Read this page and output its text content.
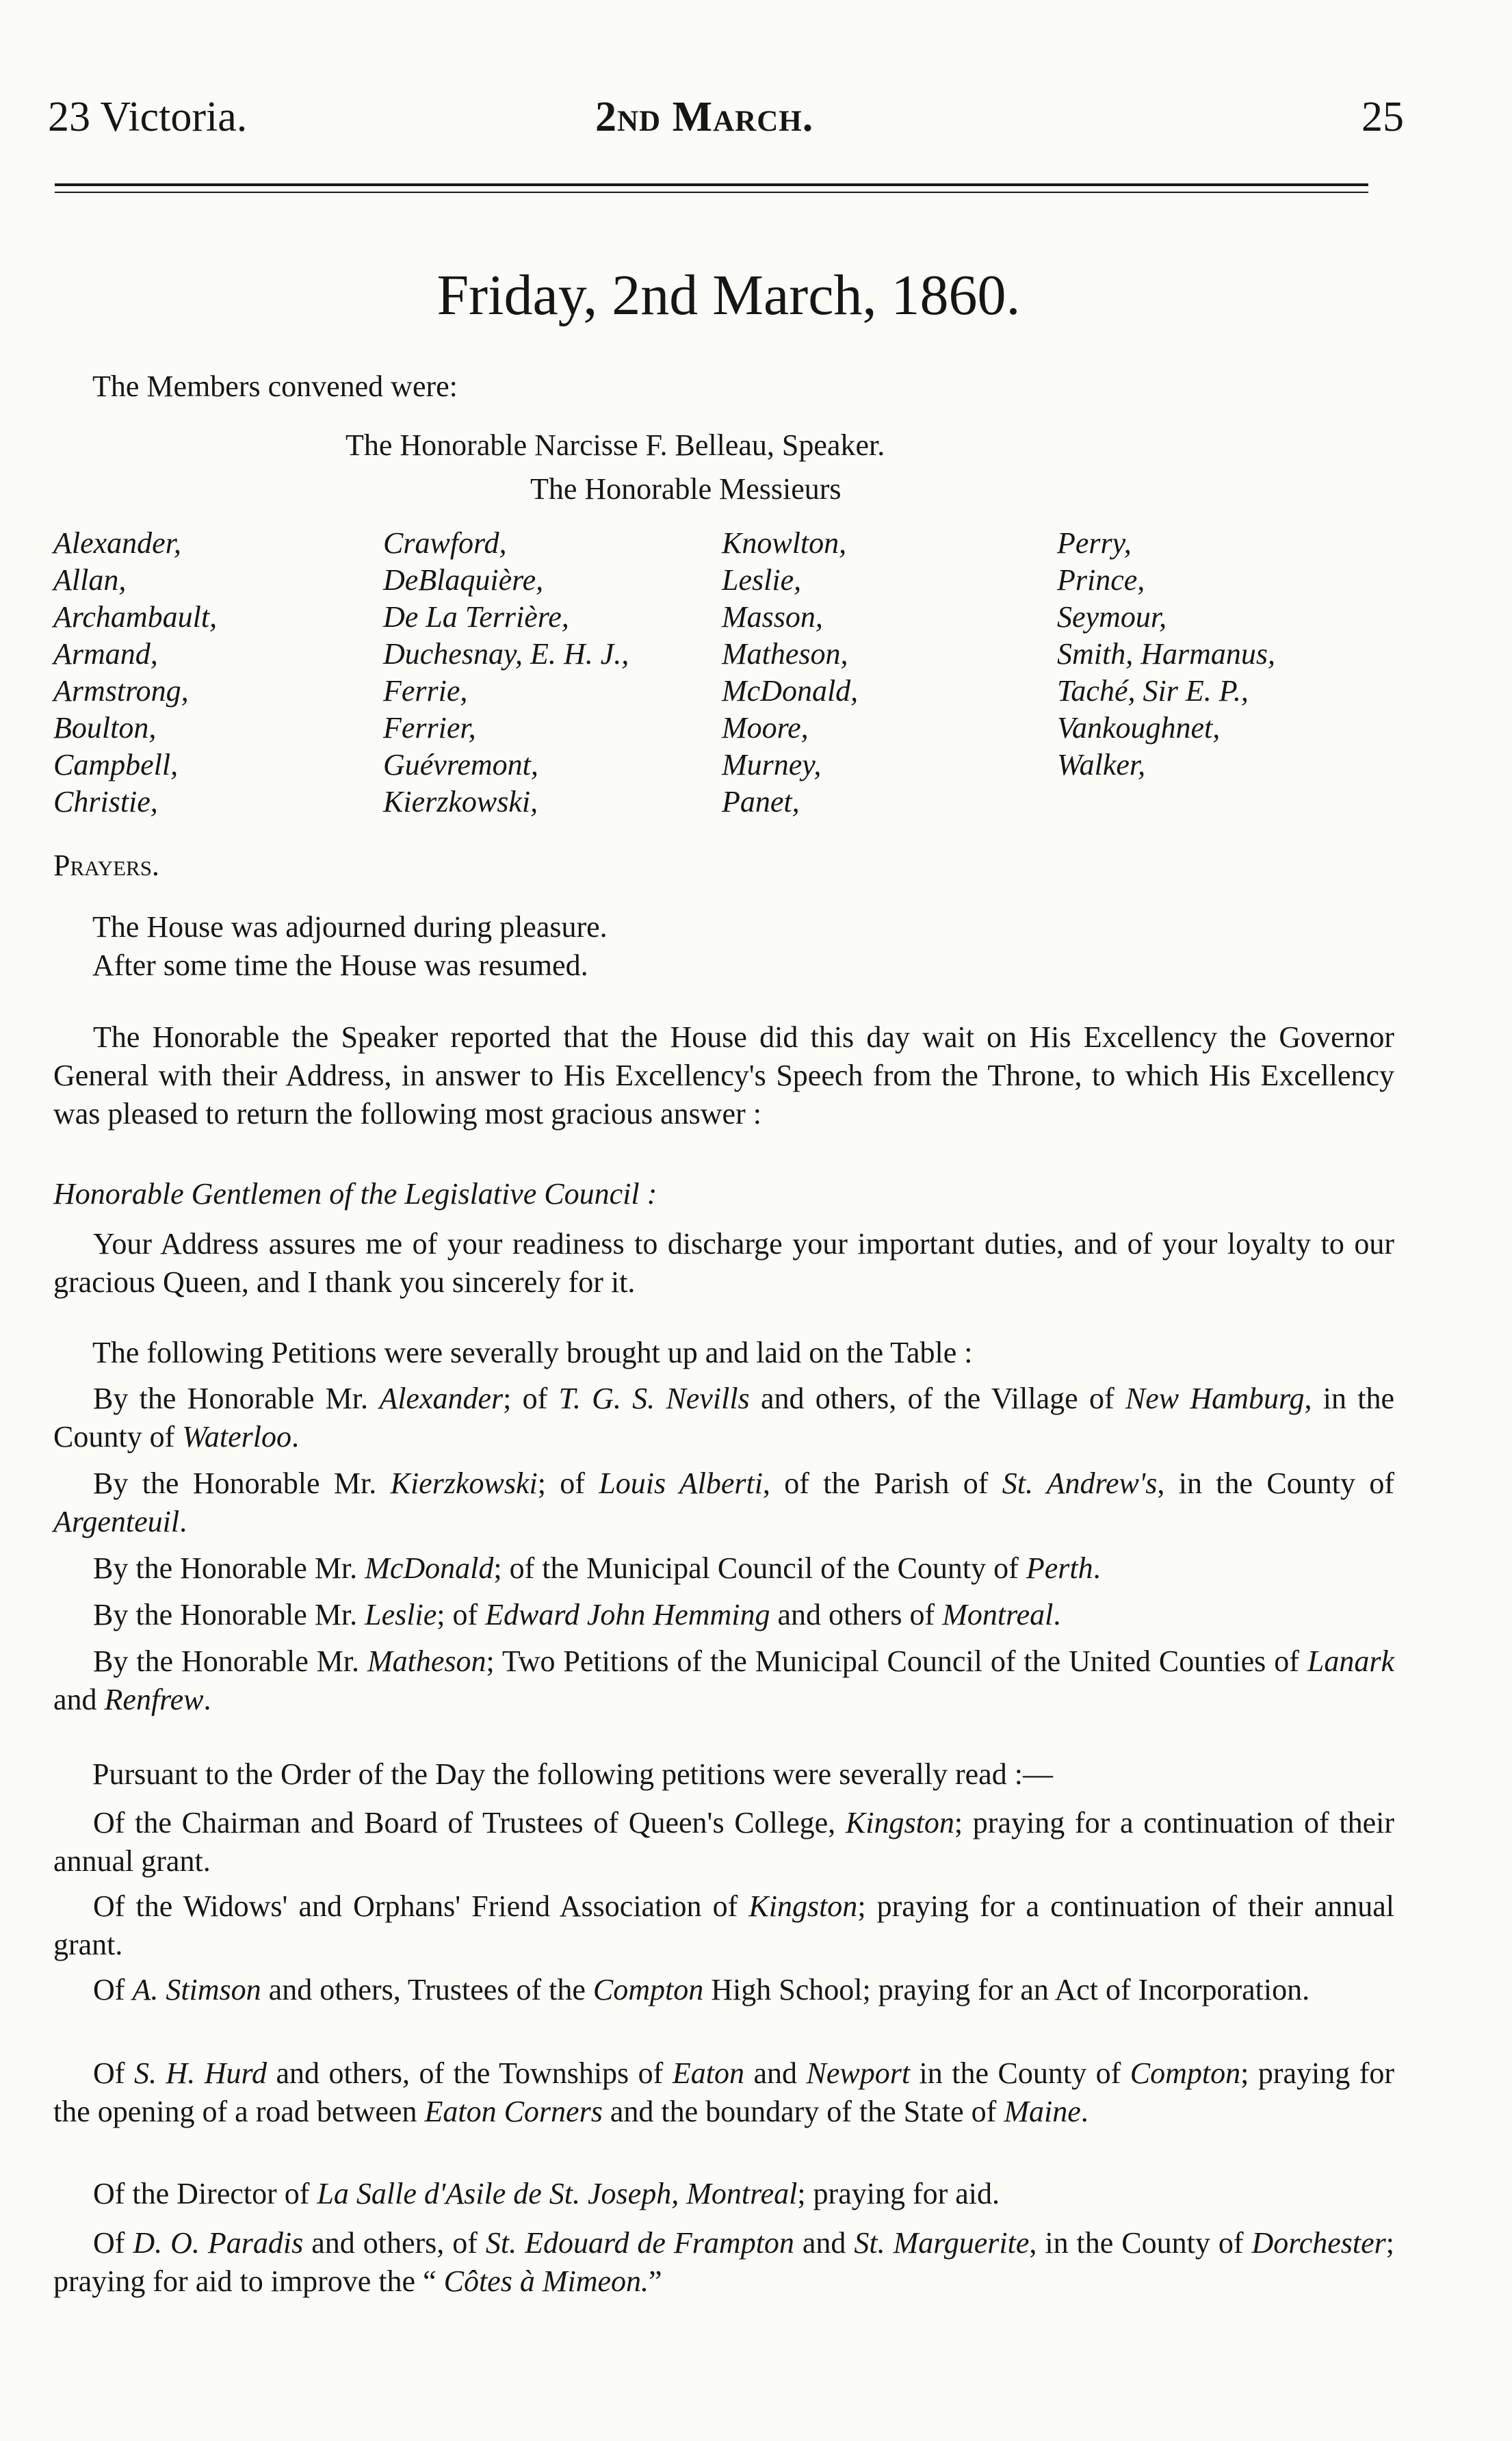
23 Victoria.	2nd March.	25
Friday, 2nd March, 1860.
The Members convened were:
The Honorable Narcisse F. Belleau, Speaker.
The Honorable Messieurs
Alexander,
Allan,
Archambault,
Armand,
Armstrong,
Boulton,
Campbell,
Christie,
Crawford,
DeBlaquière,
De La Terrière,
Duchesnay, E. H. J.,
Ferrie,
Ferrier,
Guévremont,
Kierzkowski,
Knowlton,
Leslie,
Masson,
Matheson,
McDonald,
Moore,
Murney,
Panet,
Perry,
Prince,
Seymour,
Smith, Harmanus,
Taché, Sir E. P.,
Vankoughnet,
Walker,
Prayers.
The House was adjourned during pleasure.
After some time the House was resumed.
The Honorable the Speaker reported that the House did this day wait on His Excellency the Governor General with their Address, in answer to His Excellency's Speech from the Throne, to which His Excellency was pleased to return the following most gracious answer :
Honorable Gentlemen of the Legislative Council :
Your Address assures me of your readiness to discharge your important duties, and of your loyalty to our gracious Queen, and I thank you sincerely for it.
The following Petitions were severally brought up and laid on the Table :
By the Honorable Mr. Alexander; of T. G. S. Nevills and others, of the Village of New Hamburg, in the County of Waterloo.
By the Honorable Mr. Kierzkowski; of Louis Alberti, of the Parish of St. Andrew's, in the County of Argenteuil.
By the Honorable Mr. McDonald; of the Municipal Council of the County of Perth.
By the Honorable Mr. Leslie; of Edward John Hemming and others of Montreal.
By the Honorable Mr. Matheson; Two Petitions of the Municipal Council of the United Counties of Lanark and Renfrew.
Pursuant to the Order of the Day the following petitions were severally read :—
Of the Chairman and Board of Trustees of Queen's College, Kingston; praying for a continuation of their annual grant.
Of the Widows' and Orphans' Friend Association of Kingston; praying for a continuation of their annual grant.
Of A. Stimson and others, Trustees of the Compton High School; praying for an Act of Incorporation.
Of S. H. Hurd and others, of the Townships of Eaton and Newport in the County of Compton; praying for the opening of a road between Eaton Corners and the boundary of the State of Maine.
Of the Director of La Salle d'Asile de St. Joseph, Montreal; praying for aid.
Of D. O. Paradis and others, of St. Edouard de Frampton and St. Marguerite, in the County of Dorchester; praying for aid to improve the “ Côtes à Mimeon.”
